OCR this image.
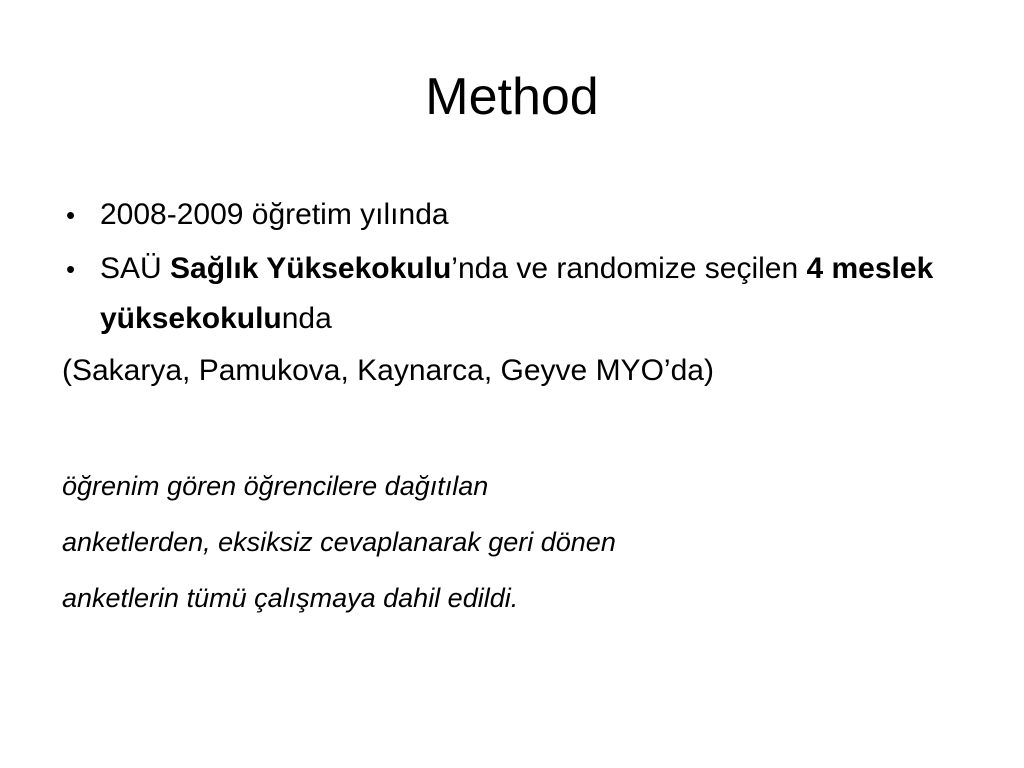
Method

• 2008-2009 öğretim yılında

• SAÜ Sağlık Yüksekokulu’nda ve randomize seçilen 4 meslek yüksekokulunda

(Sakarya, Pamukova, Kaynarca, Geyve MYO’da)

öğrenim gören öğrencilere dağıtılan

anketlerden, eksiksiz cevaplanarak geri dönen

anketlerin tümü çalışmaya dahil edildi.
